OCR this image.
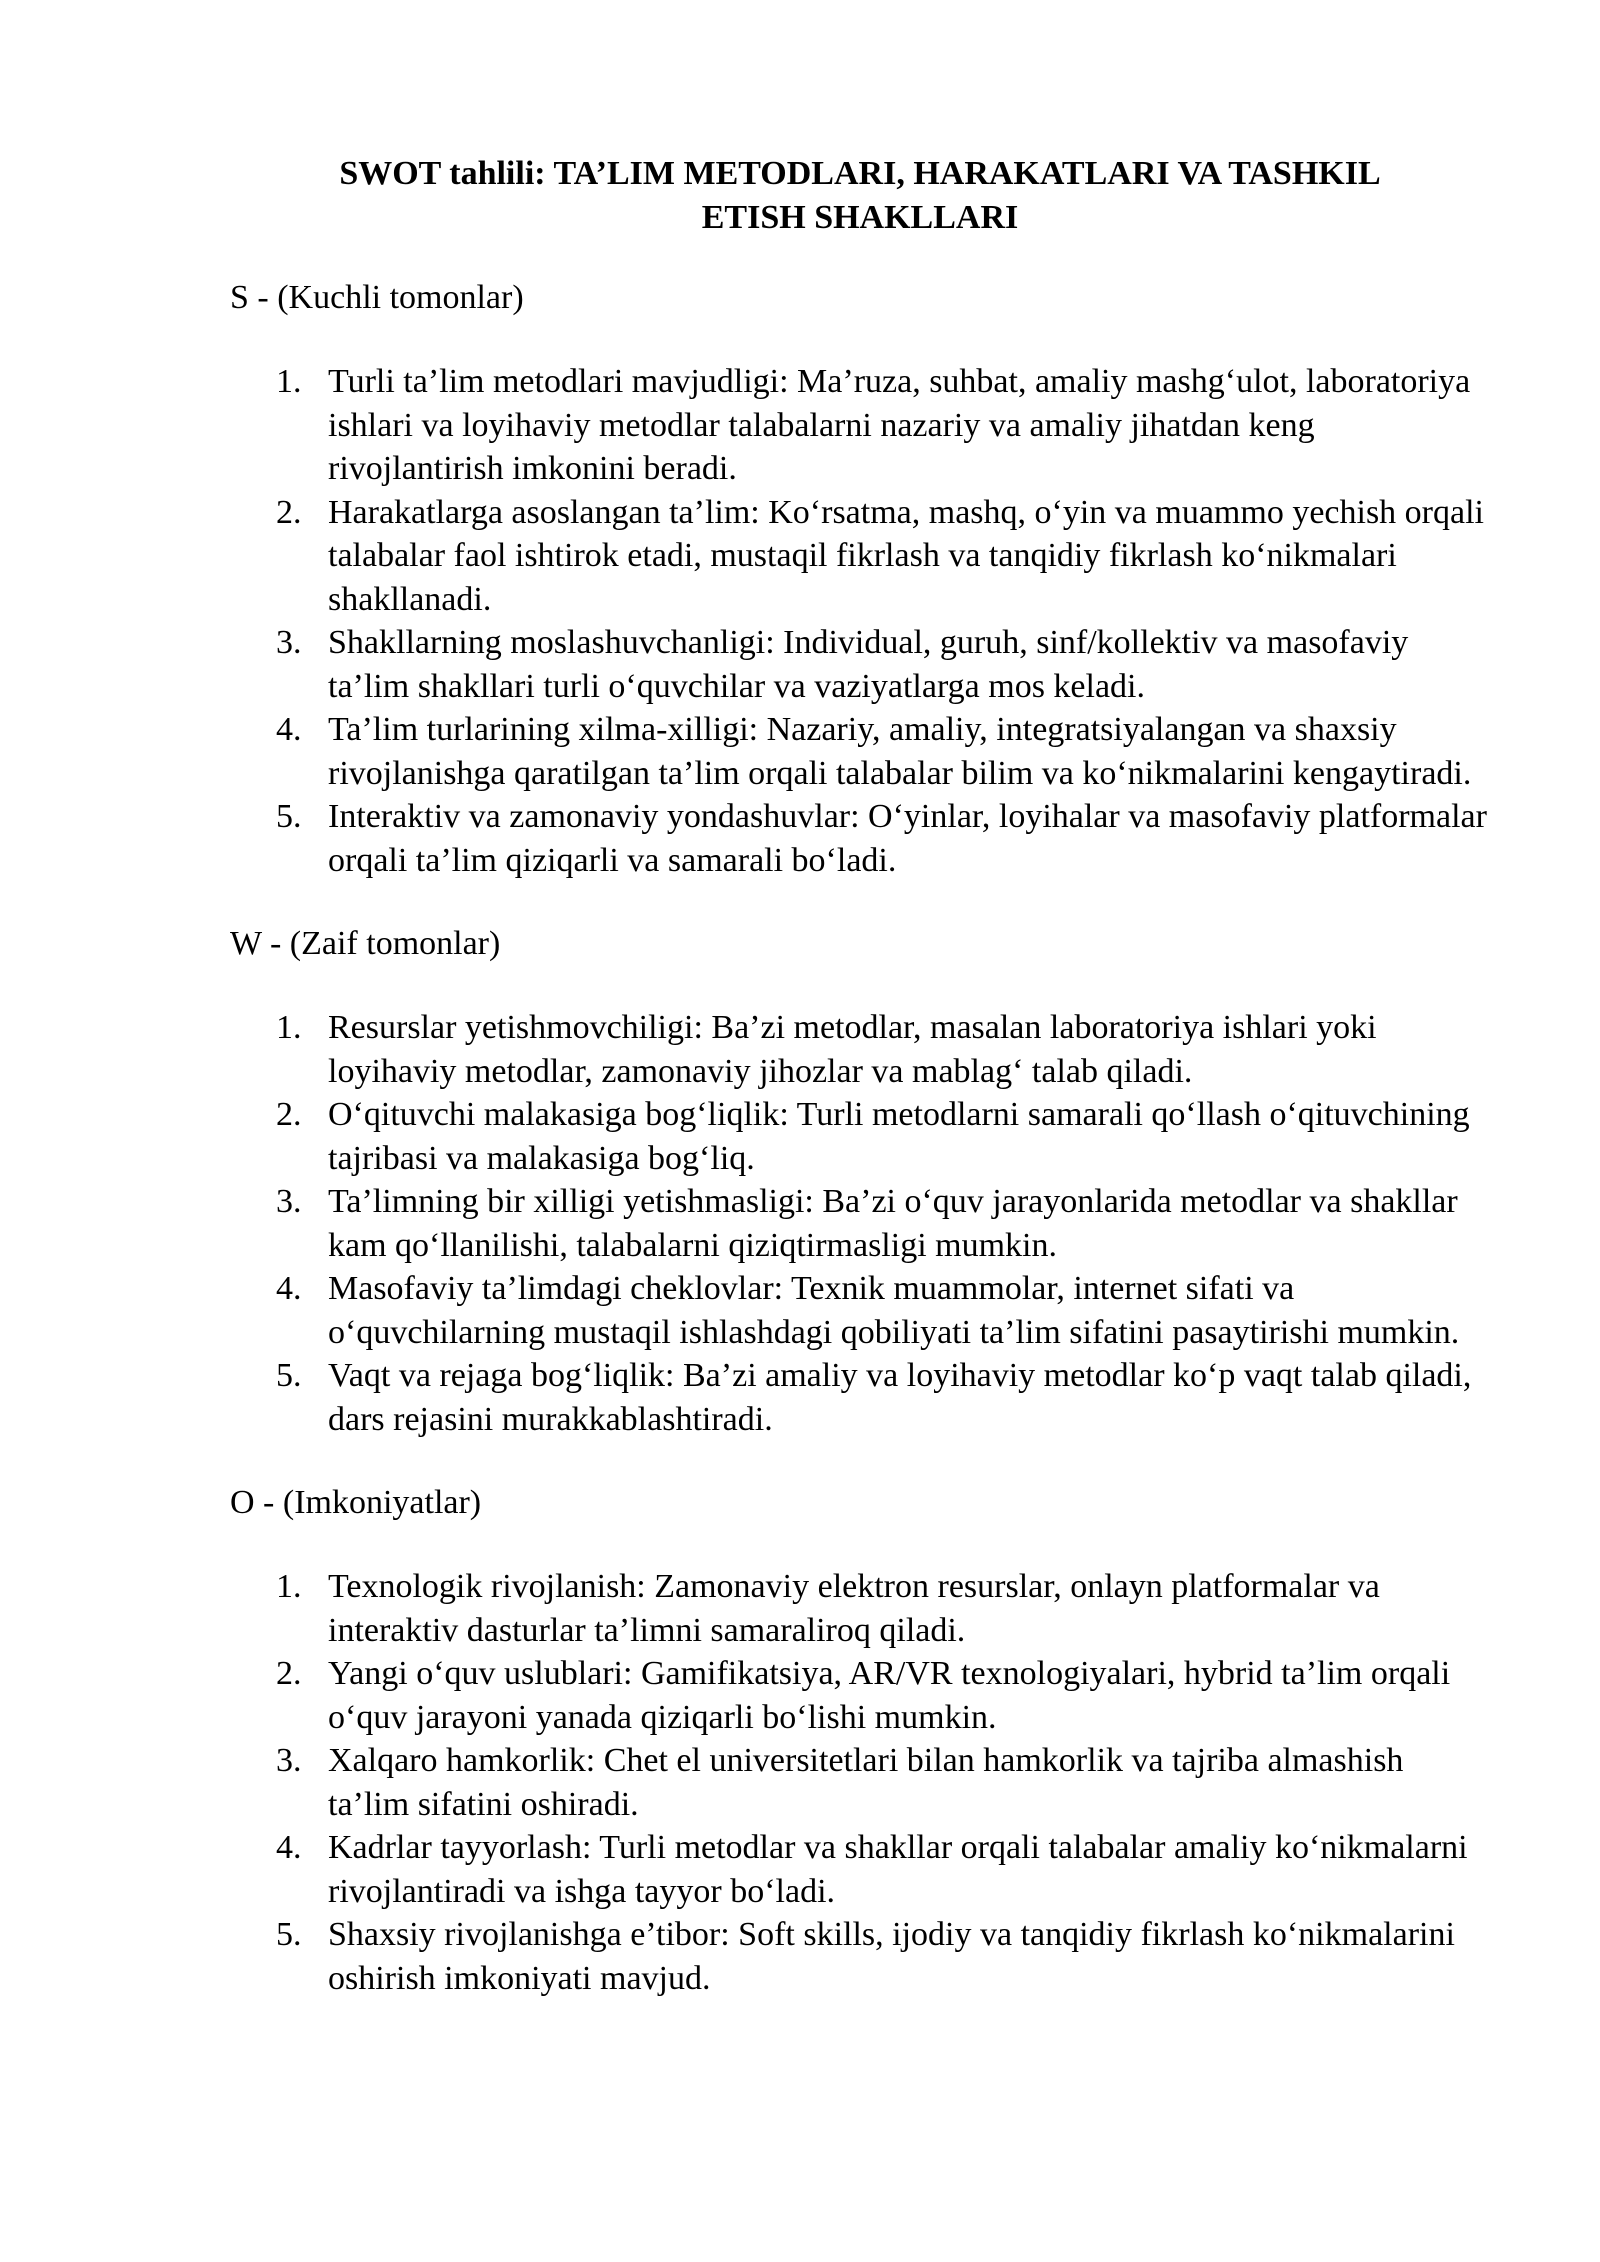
SWOT tahlili: TA’LIM METODLARI, HARAKATLARI VA TASHKIL
ETISH SHAKLLARI
S - (Kuchli tomonlar)
1. Turli ta’lim metodlari mavjudligi: Ma’ruza, suhbat, amaliy mashg‘ulot, laboratoriya ishlari va loyihaviy metodlar talabalarni nazariy va amaliy jihatdan keng rivojlantirish imkonini beradi.
2. Harakatlarga asoslangan ta’lim: Ko‘rsatma, mashq, o‘yin va muammo yechish orqali talabalar faol ishtirok etadi, mustaqil fikrlash va tanqidiy fikrlash ko‘nikmalari shakllanadi.
3. Shakllarning moslashuvchanligi: Individual, guruh, sinf/kollektiv va masofaviy ta’lim shakllari turli o‘quvchilar va vaziyatlarga mos keladi.
4. Ta’lim turlarining xilma-xilligi: Nazariy, amaliy, integratsiyalangan va shaxsiy rivojlanishga qaratilgan ta’lim orqali talabalar bilim va ko‘nikmalarini kengaytiradi.
5. Interaktiv va zamonaviy yondashuvlar: O‘yinlar, loyihalar va masofaviy platformalar orqali ta’lim qiziqarli va samarali bo‘ladi.
W - (Zaif tomonlar)
1. Resurslar yetishmovchiligi: Ba’zi metodlar, masalan laboratoriya ishlari yoki loyihaviy metodlar, zamonaviy jihozlar va mablag‘ talab qiladi.
2. O‘qituvchi malakasiga bog‘liqlik: Turli metodlarni samarali qo‘llash o‘qituvchining tajribasi va malakasiga bog‘liq.
3. Ta’limning bir xilligi yetishmasligi: Ba’zi o‘quv jarayonlarida metodlar va shakllar kam qo‘llanilishi, talabalarni qiziqtirmasligi mumkin.
4. Masofaviy ta’limdagi cheklovlar: Texnik muammolar, internet sifati va o‘quvchilarning mustaqil ishlashdagi qobiliyati ta’lim sifatini pasaytirishi mumkin.
5. Vaqt va rejaga bog‘liqlik: Ba’zi amaliy va loyihaviy metodlar ko‘p vaqt talab qiladi, dars rejasini murakkablashtiradi.
O - (Imkoniyatlar)
1. Texnologik rivojlanish: Zamonaviy elektron resurslar, onlayn platformalar va interaktiv dasturlar ta’limni samaraliroq qiladi.
2. Yangi o‘quv uslublari: Gamifikatsiya, AR/VR texnologiyalari, hybrid ta’lim orqali o‘quv jarayoni yanada qiziqarli bo‘lishi mumkin.
3. Xalqaro hamkorlik: Chet el universitetlari bilan hamkorlik va tajriba almashish ta’lim sifatini oshiradi.
4. Kadrlar tayyorlash: Turli metodlar va shakllar orqali talabalar amaliy ko‘nikmalarni rivojlantiradi va ishga tayyor bo‘ladi.
5. Shaxsiy rivojlanishga e’tibor: Soft skills, ijodiy va tanqidiy fikrlash ko‘nikmalarini oshirish imkoniyati mavjud.
